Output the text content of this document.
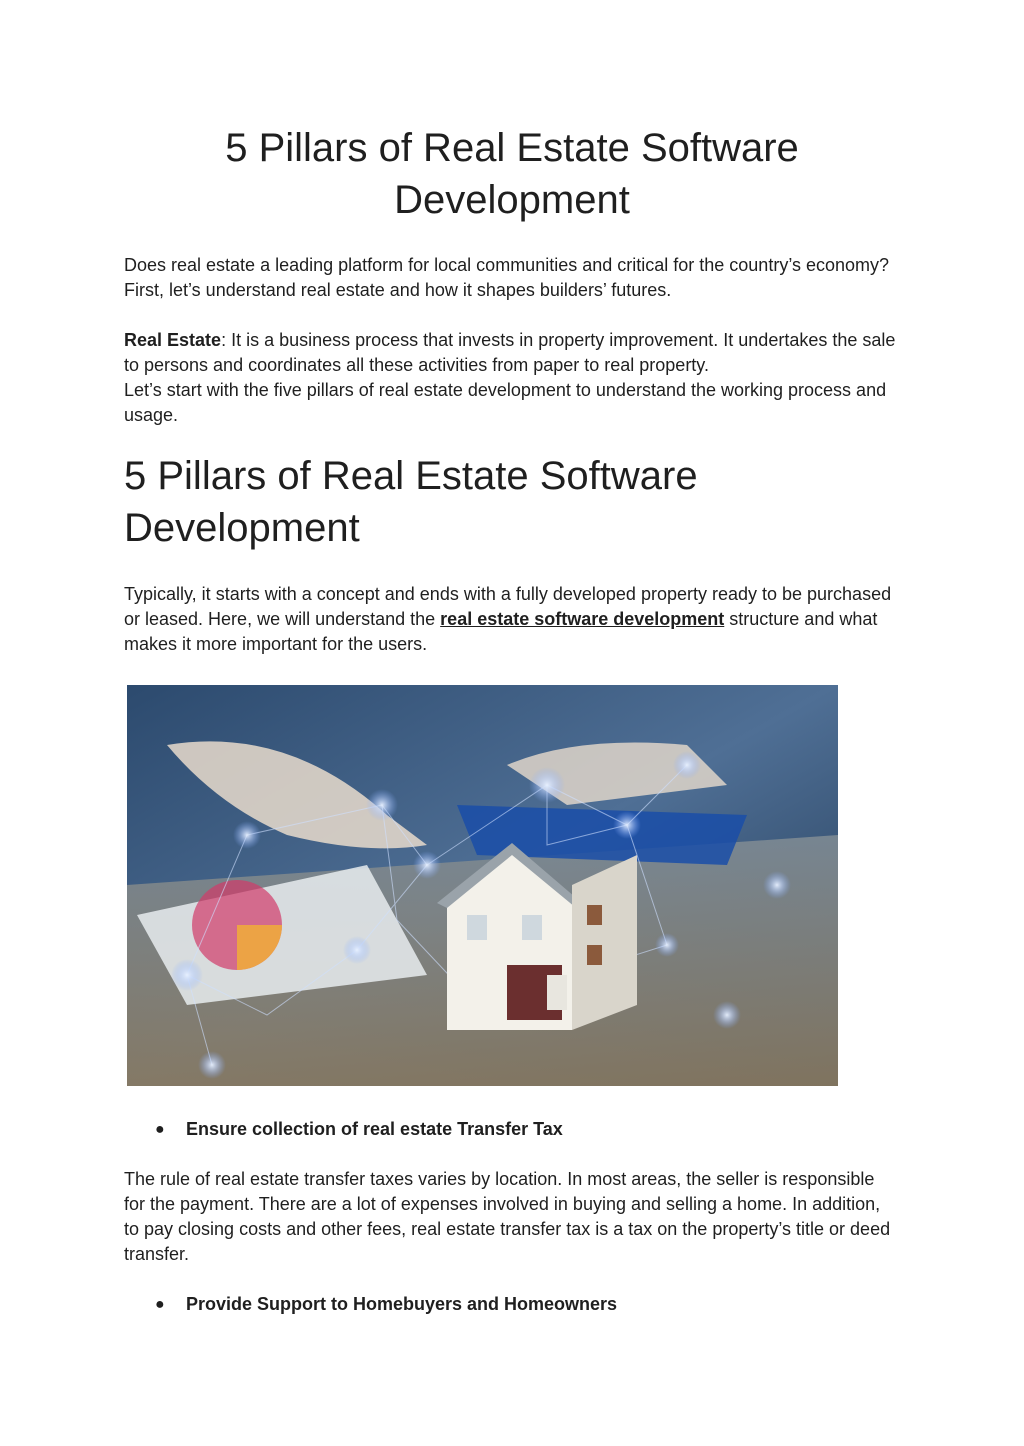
5 Pillars of Real Estate Software Development

Does real estate a leading platform for local communities and critical for the country’s economy? First, let’s understand real estate and how it shapes builders’ futures.

Real Estate: It is a business process that invests in property improvement. It undertakes the sale to persons and coordinates all these activities from paper to real property.

Let’s start with the five pillars of real estate development to understand the working process and usage.

5 Pillars of Real Estate Software Development

Typically, it starts with a concept and ends with a fully developed property ready to be purchased or leased. Here, we will understand the real estate software development structure and what makes it more important for the users.

● Ensure collection of real estate Transfer Tax

The rule of real estate transfer taxes varies by location. In most areas, the seller is responsible for the payment. There are a lot of expenses involved in buying and selling a home. In addition, to pay closing costs and other fees, real estate transfer tax is a tax on the property’s title or deed transfer.

● Provide Support to Homebuyers and Homeowners
